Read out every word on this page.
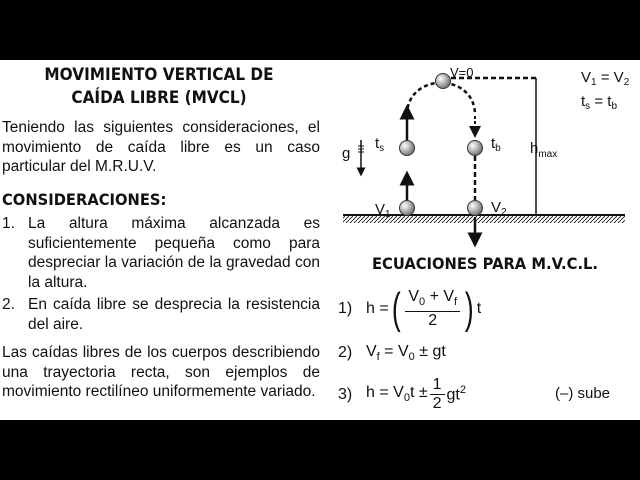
MOVIMIENTO VERTICAL DE CAÍDA LIBRE (MVCL)
Teniendo las siguientes consideraciones, el movimiento de caída libre es un caso particular del M.R.U.V.
CONSIDERACIONES:
1. La altura máxima alcanzada es suficientemente pequeña como para despreciar la variación de la gravedad con la altura.
2. En caída libre se desprecia la resistencia del aire.
Las caídas libres de los cuerpos describiendo una trayectoria recta, son ejemplos de movimiento rectilíneo uniformemente variado.
V=0
$V_1$	$V_2$
$t_s$	$t_b$
g	$h_{max}$
$V_1 = V_2$
$t_s = t_b$
ECUACIONES PARA M.V.C.L.
1) h = ( $\frac{V_0 + V_f}{2}$ ) t
2) $V_f = V_0$ ± gt
3) $h = V_0t \pm \frac{1}{2} gt^2$	(–) sube
